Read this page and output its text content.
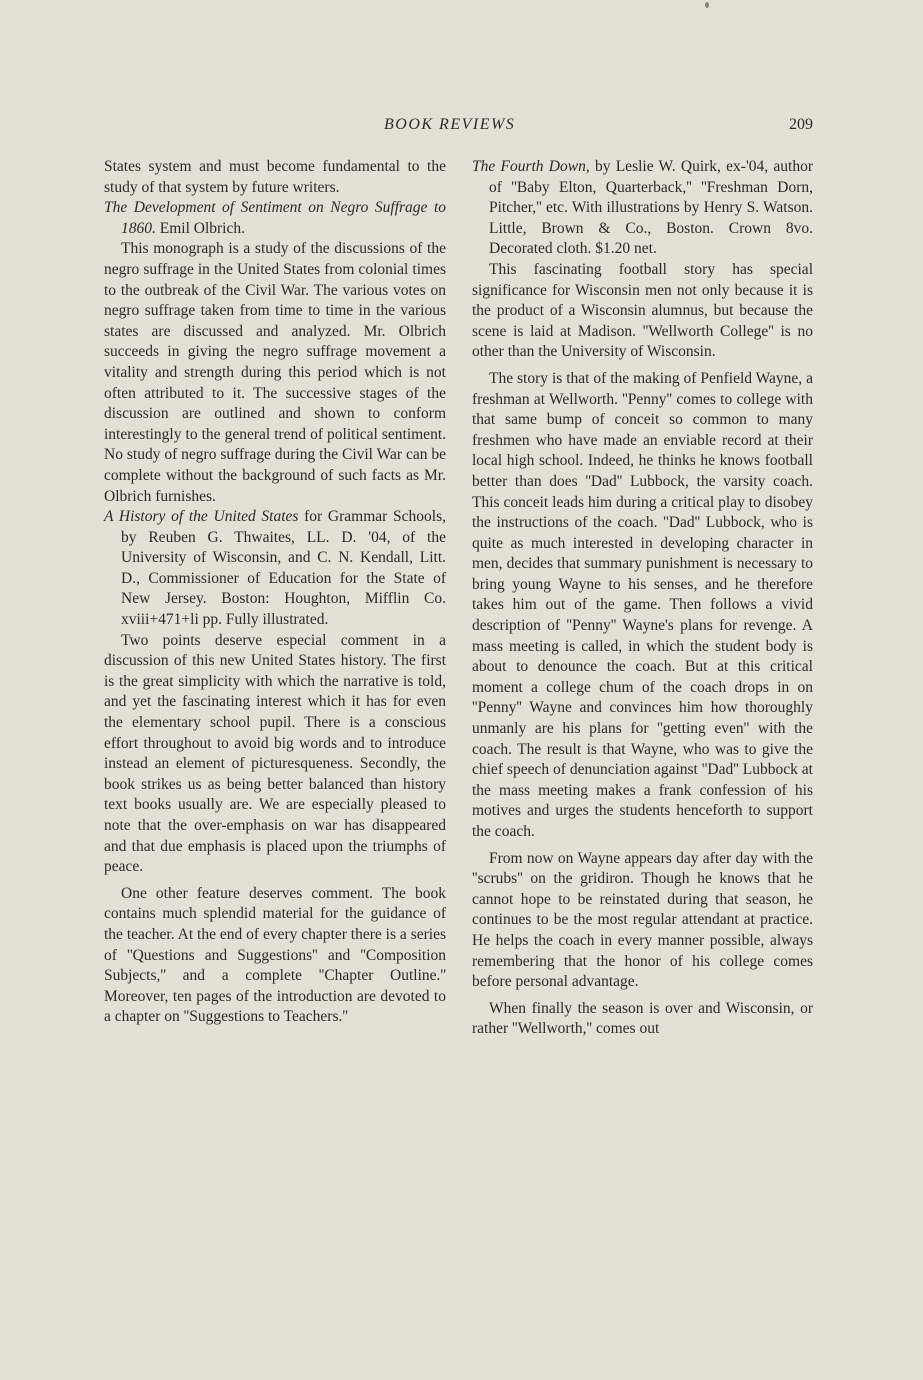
BOOK REVIEWS	209

States system and must become fundamental to the study of that system by future writers.

The Development of Sentiment on Negro Suffrage to 1860. Emil Olbrich.

This monograph is a study of the discussions of the negro suffrage in the United States from colonial times to the outbreak of the Civil War. The various votes on negro suffrage taken from time to time in the various states are discussed and analyzed. Mr. Olbrich succeeds in giving the negro suffrage movement a vitality and strength during this period which is not often attributed to it. The successive stages of the discussion are outlined and shown to conform interestingly to the general trend of political sentiment. No study of negro suffrage during the Civil War can be complete without the background of such facts as Mr. Olbrich furnishes.

A History of the United States for Grammar Schools, by Reuben G. Thwaites, LL. D. '04, of the University of Wisconsin, and C. N. Kendall, Litt. D., Commissioner of Education for the State of New Jersey. Boston: Houghton, Mifflin Co. xviii+471+li pp. Fully illustrated.

Two points deserve especial comment in a discussion of this new United States history. The first is the great simplicity with which the narrative is told, and yet the fascinating interest which it has for even the elementary school pupil. There is a conscious effort throughout to avoid big words and to introduce instead an element of picturesqueness. Secondly, the book strikes us as being better balanced than history text books usually are. We are especially pleased to note that the over-emphasis on war has disappeared and that due emphasis is placed upon the triumphs of peace.

One other feature deserves comment. The book contains much splendid material for the guidance of the teacher. At the end of every chapter there is a series of ''Questions and Suggestions'' and ''Composition Subjects,'' and a complete ''Chapter Outline.'' Moreover, ten pages of the introduction are devoted to a chapter on ''Suggestions to Teachers.''

The Fourth Down, by Leslie W. Quirk, ex-'04, author of ''Baby Elton, Quarterback,'' ''Freshman Dorn, Pitcher,'' etc. With illustrations by Henry S. Watson. Little, Brown & Co., Boston. Crown 8vo. Decorated cloth. $1.20 net.

This fascinating football story has special significance for Wisconsin men not only because it is the product of a Wisconsin alumnus, but because the scene is laid at Madison. ''Wellworth College'' is no other than the University of Wisconsin.

The story is that of the making of Penfield Wayne, a freshman at Wellworth. ''Penny'' comes to college with that same bump of conceit so common to many freshmen who have made an enviable record at their local high school. Indeed, he thinks he knows football better than does ''Dad'' Lubbock, the varsity coach. This conceit leads him during a critical play to disobey the instructions of the coach. ''Dad'' Lubbock, who is quite as much interested in developing character in men, decides that summary punishment is necessary to bring young Wayne to his senses, and he therefore takes him out of the game. Then follows a vivid description of ''Penny'' Wayne's plans for revenge. A mass meeting is called, in which the student body is about to denounce the coach. But at this critical moment a college chum of the coach drops in on ''Penny'' Wayne and convinces him how thoroughly unmanly are his plans for ''getting even'' with the coach. The result is that Wayne, who was to give the chief speech of denunciation against ''Dad'' Lubbock at the mass meeting makes a frank confession of his motives and urges the students henceforth to support the coach.

From now on Wayne appears day after day with the ''scrubs'' on the gridiron. Though he knows that he cannot hope to be reinstated during that season, he continues to be the most regular attendant at practice. He helps the coach in every manner possible, always remembering that the honor of his college comes before personal advantage.

When finally the season is over and Wisconsin, or rather ''Wellworth,'' comes out
